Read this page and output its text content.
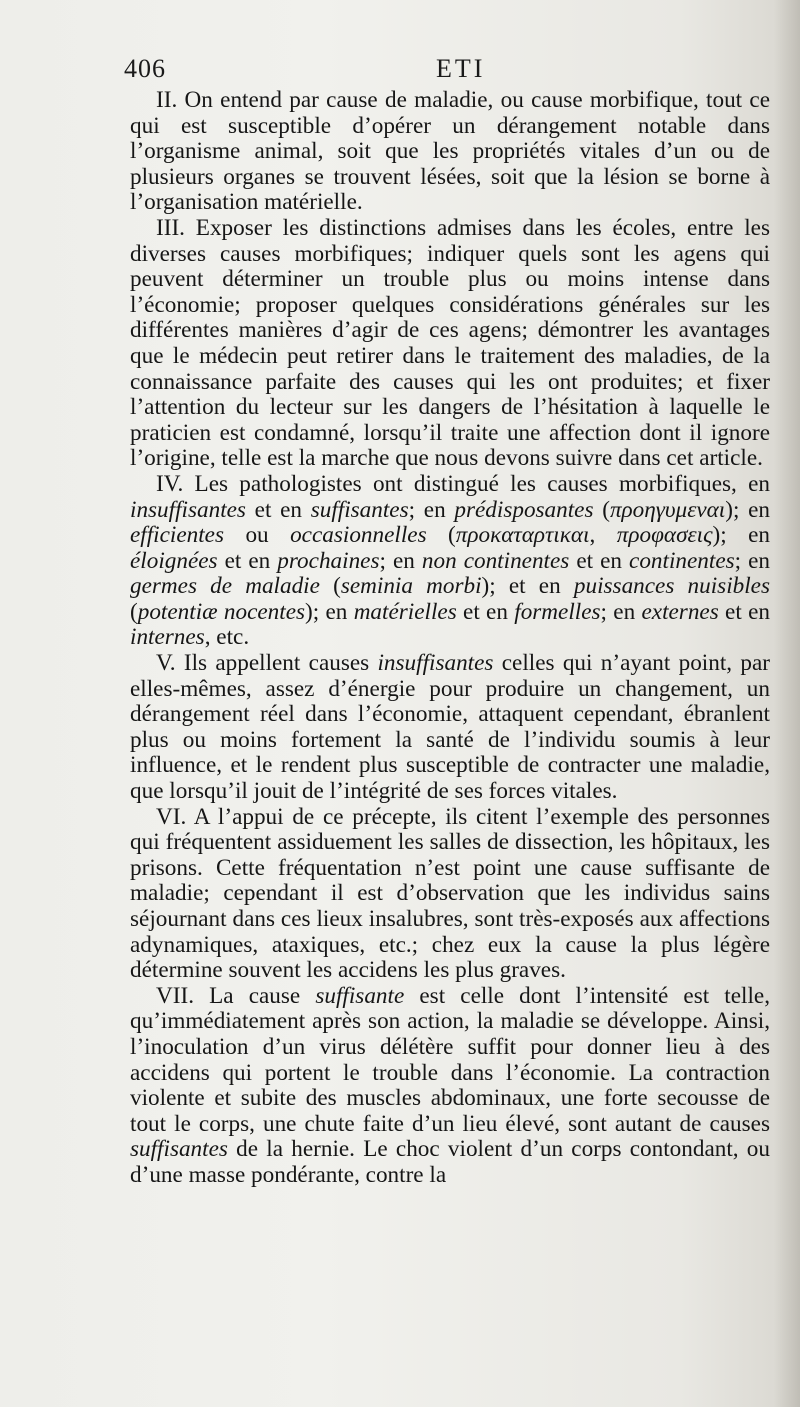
406	ETI

II. On entend par cause de maladie, ou cause morbifique, tout ce qui est susceptible d’opérer un dérangement notable dans l’organisme animal, soit que les propriétés vitales d’un ou de plusieurs organes se trouvent lésées, soit que la lésion se borne à l’organisation matérielle.

III. Exposer les distinctions admises dans les écoles, entre les diverses causes morbifiques; indiquer quels sont les agens qui peuvent déterminer un trouble plus ou moins intense dans l’économie; proposer quelques considérations générales sur les différentes manières d’agir de ces agens; démontrer les avantages que le médecin peut retirer dans le traitement des maladies, de la connaissance parfaite des causes qui les ont produites; et fixer l’attention du lecteur sur les dangers de l’hésitation à laquelle le praticien est condamné, lorsqu’il traite une affection dont il ignore l’origine, telle est la marche que nous devons suivre dans cet article.

IV. Les pathologistes ont distingué les causes morbifiques, en insuffisantes et en suffisantes; en prédisposantes (προηγυμεναι); en efficientes ou occasionnelles (προκαταρτικαι, προφασεις); en éloignées et en prochaines; en non continentes et en continentes; en germes de maladie (seminia morbi); et en puissances nuisibles (potentiæ nocentes); en matérielles et en formelles; en externes et en internes, etc.

V. Ils appellent causes insuffisantes celles qui n’ayant point, par elles-mêmes, assez d’énergie pour produire un changement, un dérangement réel dans l’économie, attaquent cependant, ébranlent plus ou moins fortement la santé de l’individu soumis à leur influence, et le rendent plus susceptible de contracter une maladie, que lorsqu’il jouit de l’intégrité de ses forces vitales.

VI. A l’appui de ce précepte, ils citent l’exemple des personnes qui fréquentent assiduement les salles de dissection, les hôpitaux, les prisons. Cette fréquentation n’est point une cause suffisante de maladie; cependant il est d’observation que les individus sains séjournant dans ces lieux insalubres, sont très-exposés aux affections adynamiques, ataxiques, etc.; chez eux la cause la plus légère détermine souvent les accidens les plus graves.

VII. La cause suffisante est celle dont l’intensité est telle, qu’immédiatement après son action, la maladie se développe. Ainsi, l’inoculation d’un virus délétère suffit pour donner lieu à des accidens qui portent le trouble dans l’économie. La contraction violente et subite des muscles abdominaux, une forte secousse de tout le corps, une chute faite d’un lieu élevé, sont autant de causes suffisantes de la hernie. Le choc violent d’un corps contondant, ou d’une masse pondérante, contre la
